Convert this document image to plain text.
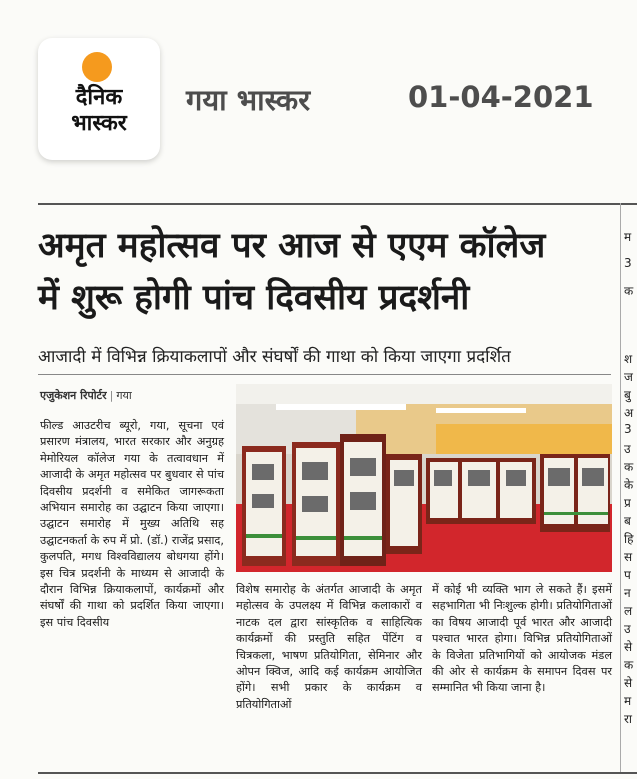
दैनिक
भास्कर
गया भास्कर	01-04-2021
अमृत महोत्सव पर आज से एएम कॉलेज
में शुरू होगी पांच दिवसीय प्रदर्शनी
आजादी में विभिन्न क्रियाकलापों और संघर्षों की गाथा को किया जाएगा प्रदर्शित
एजुकेशन रिपोर्टर | गया
फील्ड आउटरीच ब्यूरो, गया, सूचना एवं प्रसारण मंत्रालय, भारत सरकार और अनुग्रह मेमोरियल कॉलेज गया के तत्वावधान में आजादी के अमृत महोत्सव पर बुधवार से पांच दिवसीय प्रदर्शनी व समेकित जागरूकता अभियान समारोह का उद्घाटन किया जाएगा। उद्घाटन समारोह में मुख्य अतिथि सह उद्घाटनकर्ता के रुप में प्रो. (डॉ.) राजेंद्र प्रसाद, कुलपति, मगध विश्वविद्यालय बोधगया होंगे। इस चित्र प्रदर्शनी के माध्यम से आजादी के दौरान विभिन्न क्रियाकलापों, कार्यक्रमों और संघर्षों की गाथा को प्रदर्शित किया जाएगा। इस पांच दिवसीय
विशेष समारोह के अंतर्गत आजादी के अमृत महोत्सव के उपलक्ष्य में विभिन्न कलाकारों व नाटक दल द्वारा सांस्कृतिक व साहित्यिक कार्यक्रमों की प्रस्तुति सहित पेंटिंग व चित्रकला, भाषण प्रतियोगिता, सेमिनार और ओपन क्विज, आदि कई कार्यक्रम आयोजित होंगे। सभी प्रकार के कार्यक्रम व प्रतियोगिताओं
में कोई भी व्यक्ति भाग ले सकते हैं। इसमें सहभागिता भी निःशुल्क होगी। प्रतियोगिताओं का विषय आजादी पूर्व भारत और आजादी पश्चात भारत होगा। विभिन्न प्रतियोगिताओं के विजेता प्रतिभागियों को आयोजक मंडल की ओर से कार्यक्रम के समापन दिवस पर सम्मानित भी किया जाना है।
म
3
क
श
ज
बु
अ
3
उ
क
के
प्र
ब
हि
स
प
न
ल
उ
से
क
से
म
रा
